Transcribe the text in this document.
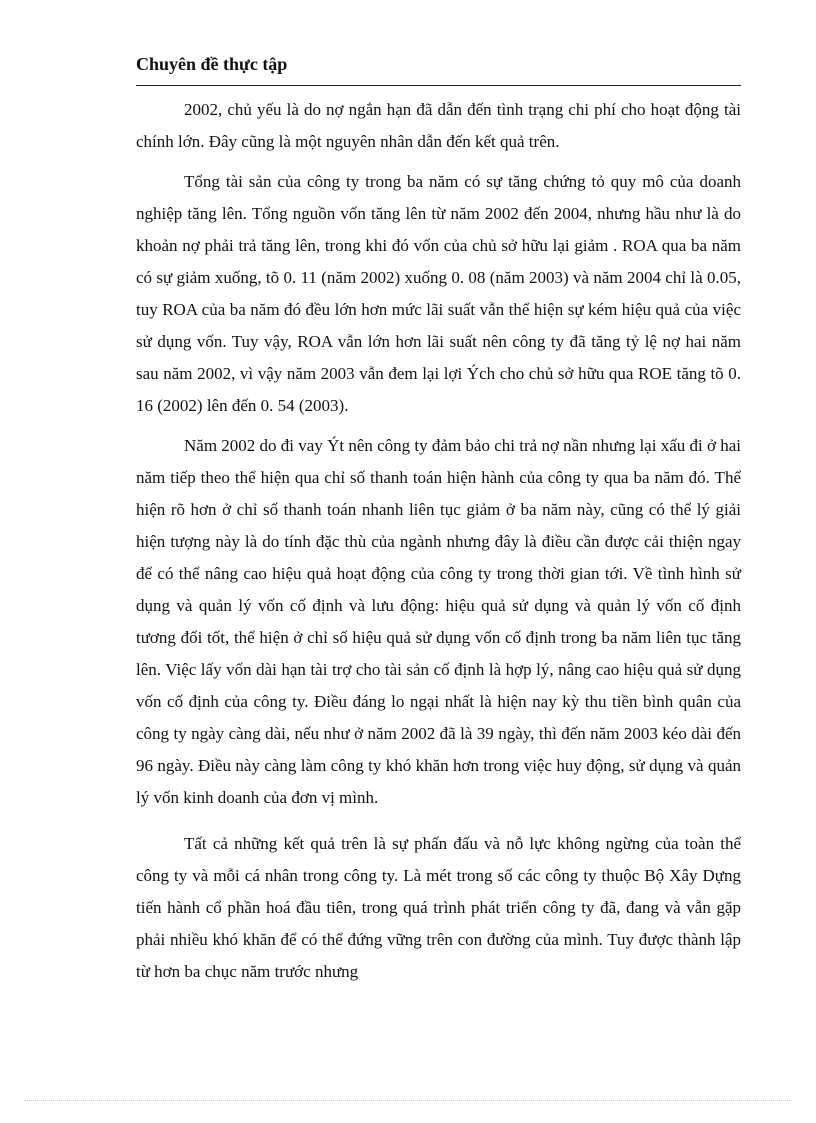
Chuyên đề thực tập

2002, chủ yếu là do nợ ngắn hạn đã dẫn đến tình trạng chi phí cho hoạt động tài chính lớn. Đây cũng là một nguyên nhân dẫn đến kết quả trên.

Tổng tài sản của công ty trong ba năm có sự tăng chứng tỏ quy mô của doanh nghiệp tăng lên. Tổng nguồn vốn tăng lên từ năm 2002 đến 2004, nhưng hầu như là do khoản nợ phải trả tăng lên, trong khi đó vốn của chủ sở hữu lại giảm . ROA qua ba năm có sự giảm xuống, tõ 0. 11 (năm 2002) xuống 0. 08 (năm 2003) và năm 2004 chỉ là 0.05, tuy ROA của ba năm đó đều lớn hơn mức lãi suất vẫn thể hiện sự kém hiệu quả của việc sử dụng vốn. Tuy vậy, ROA vẫn lớn hơn lãi suất nên công ty đã tăng tỷ lệ nợ hai năm sau năm 2002, vì vậy năm 2003 vẫn đem lại lợi Ých cho chủ sở hữu qua ROE tăng tõ 0. 16 (2002) lên đến 0. 54 (2003).

Năm 2002 do đi vay Ýt nên công ty đảm bảo chi trả nợ nần nhưng lại xấu đi ở hai năm tiếp theo thể hiện qua chỉ số thanh toán hiện hành của công ty qua ba năm đó. Thể hiện rõ hơn ở chỉ số thanh toán nhanh liên tục giảm ở ba năm này, cũng có thể lý giải hiện tượng này là do tính đặc thù của ngành nhưng đây là điều cần được cải thiện ngay để có thể nâng cao hiệu quả hoạt động của công ty trong thời gian tới. Về tình hình sử dụng và quản lý vốn cố định và lưu động: hiệu quả sử dụng và quản lý vốn cố định tương đối tốt, thể hiện ở chỉ số hiệu quả sử dụng vốn cố định trong ba năm liên tục tăng lên. Việc lấy vốn dài hạn tài trợ cho tài sản cố định là hợp lý, nâng cao hiệu quả sử dụng vốn cố định của công ty. Điều đáng lo ngại nhất là hiện nay kỳ thu tiền bình quân của công ty ngày càng dài, nếu như ở năm 2002 đã là 39 ngày, thì đến năm 2003 kéo dài đến 96 ngày. Điều này càng làm công ty khó khăn hơn trong việc huy động, sử dụng và quản lý vốn kinh doanh của đơn vị mình.

Tất cả những kết quả trên là sự phấn đấu và nỗ lực không ngừng của toàn thể công ty và mỗi cá nhân trong công ty. Là mét trong số các công ty thuộc Bộ Xây Dựng tiến hành cổ phần hoá đầu tiên, trong quá trình phát triển công ty đã, đang và vẫn gặp phải nhiều khó khăn để có thể đứng vững trên con đường của mình. Tuy được thành lập từ hơn ba chục năm trước nhưng
